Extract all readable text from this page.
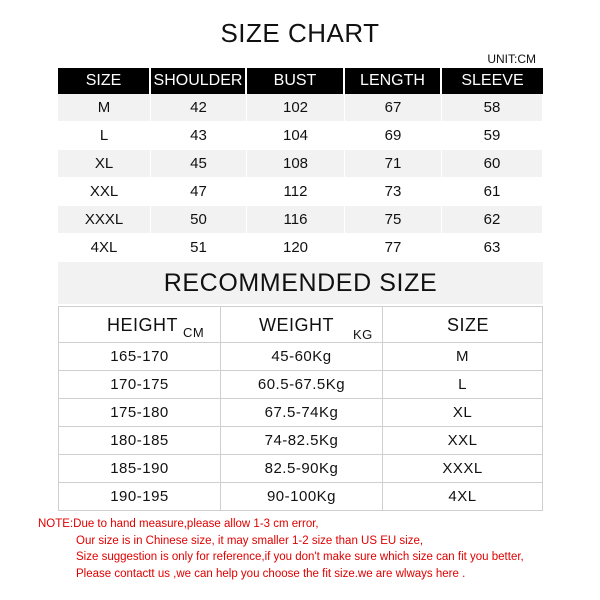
SIZE CHART
UNIT:CM
SIZE	SHOULDER	BUST	LENGTH	SLEEVE
M	42	102	67	58
L	43	104	69	59
XL	45	108	71	60
XXL	47	112	73	61
XXXL	50	116	75	62
4XL	51	120	77	63
RECOMMENDED SIZE
HEIGHT CM	WEIGHT KG	SIZE
165-170	45-60Kg	M
170-175	60.5-67.5Kg	L
175-180	67.5-74Kg	XL
180-185	74-82.5Kg	XXL
185-190	82.5-90Kg	XXXL
190-195	90-100Kg	4XL
NOTE:Due to hand measure,please allow 1-3 cm error,
Our size is in Chinese size, it may smaller 1-2 size than US EU size,
Size suggestion is only for reference,if you don't make sure which size can fit you better,
Please contactt us ,we can help you choose the fit size.we are wlways here .
